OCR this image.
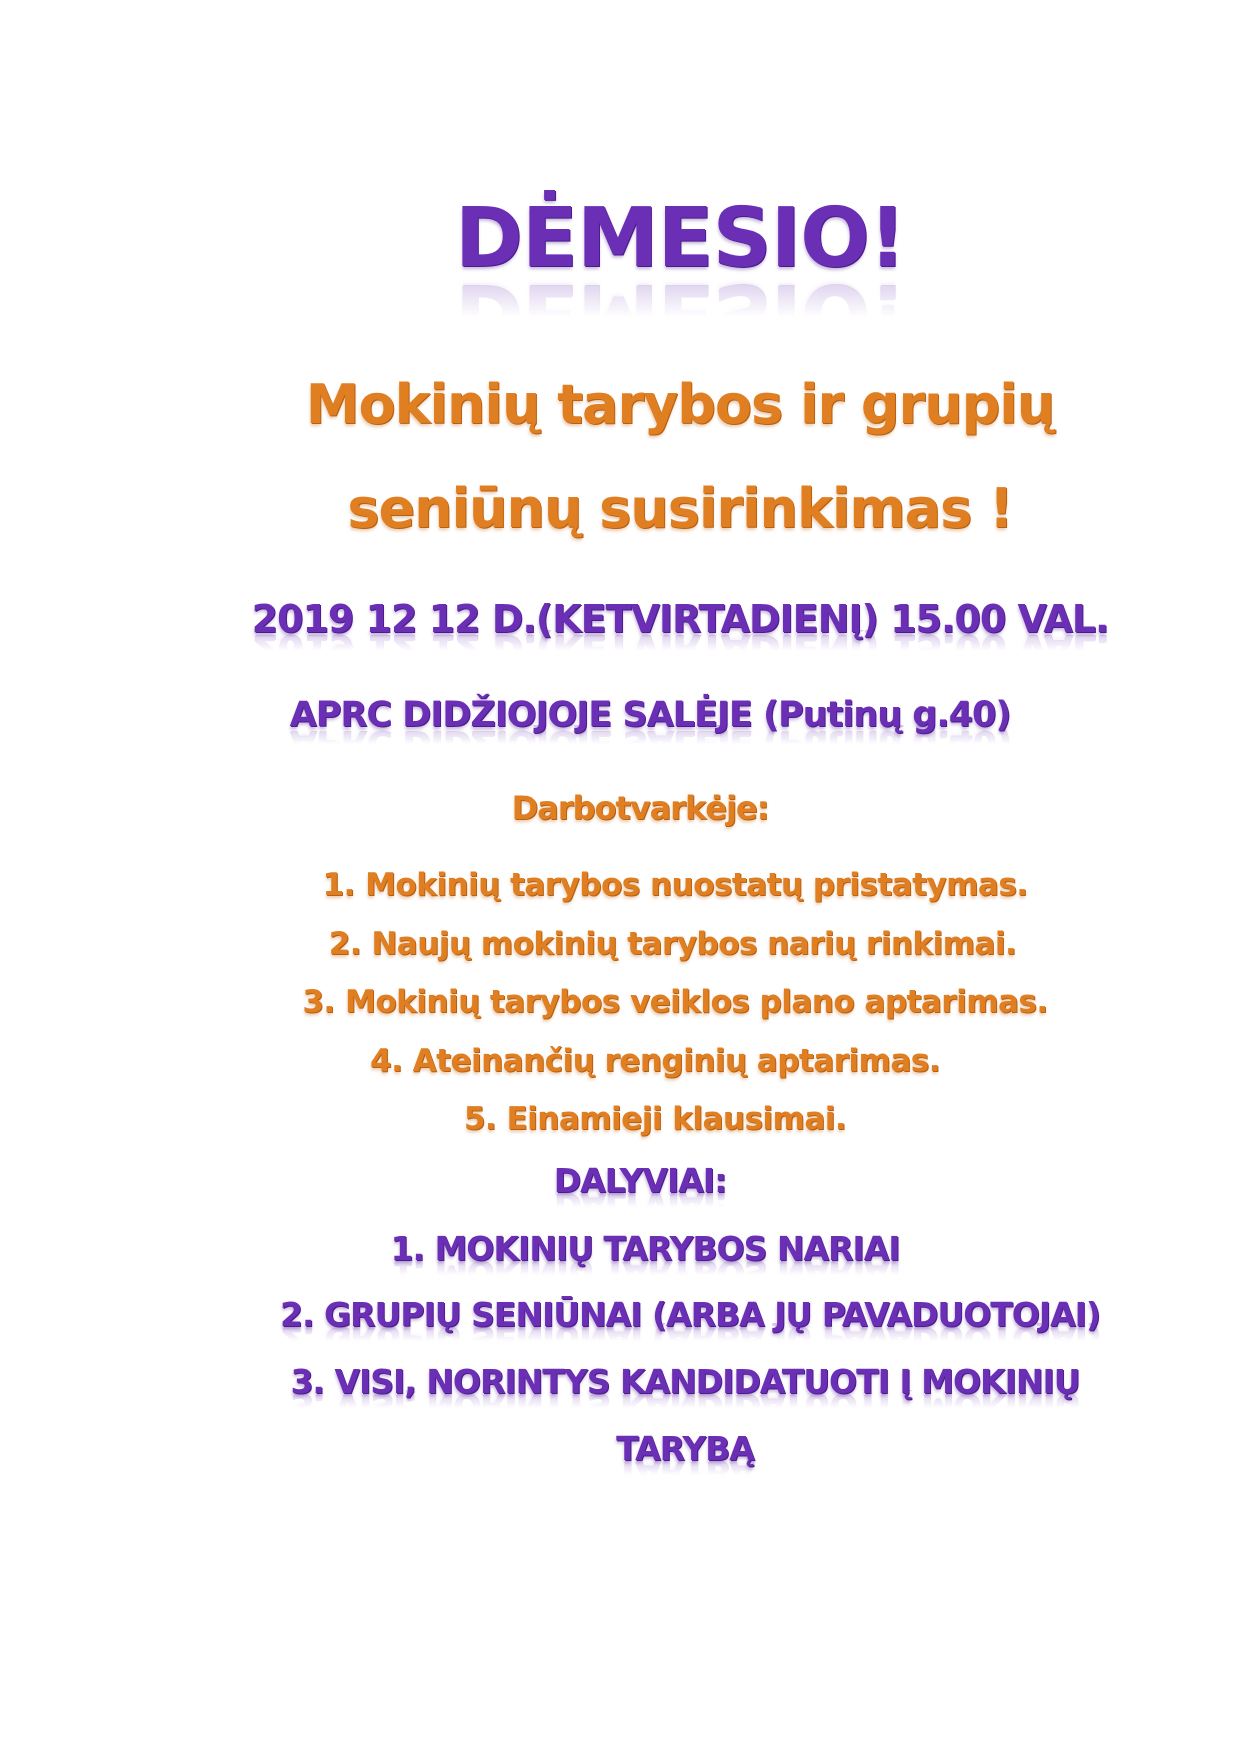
DĖMESIO!
Mokinių tarybos ir grupių
seniūnų susirinkimas !
2019 12 12 D.(KETVIRTADIENĮ) 15.00 VAL.
APRC DIDŽIOJOJE SALĖJE (Putinų g.40)
Darbotvarkėje:
1. Mokinių tarybos nuostatų pristatymas.
2. Naujų mokinių tarybos narių rinkimai.
3. Mokinių tarybos veiklos plano aptarimas.
4. Ateinančių renginių aptarimas.
5. Einamieji klausimai.
DALYVIAI:
1. MOKINIŲ TARYBOS NARIAI
2. GRUPIŲ SENIŪNAI (ARBA JŲ PAVADUOTOJAI)
3. VISI, NORINTYS KANDIDATUOTI Į MOKINIŲ
TARYBĄ
